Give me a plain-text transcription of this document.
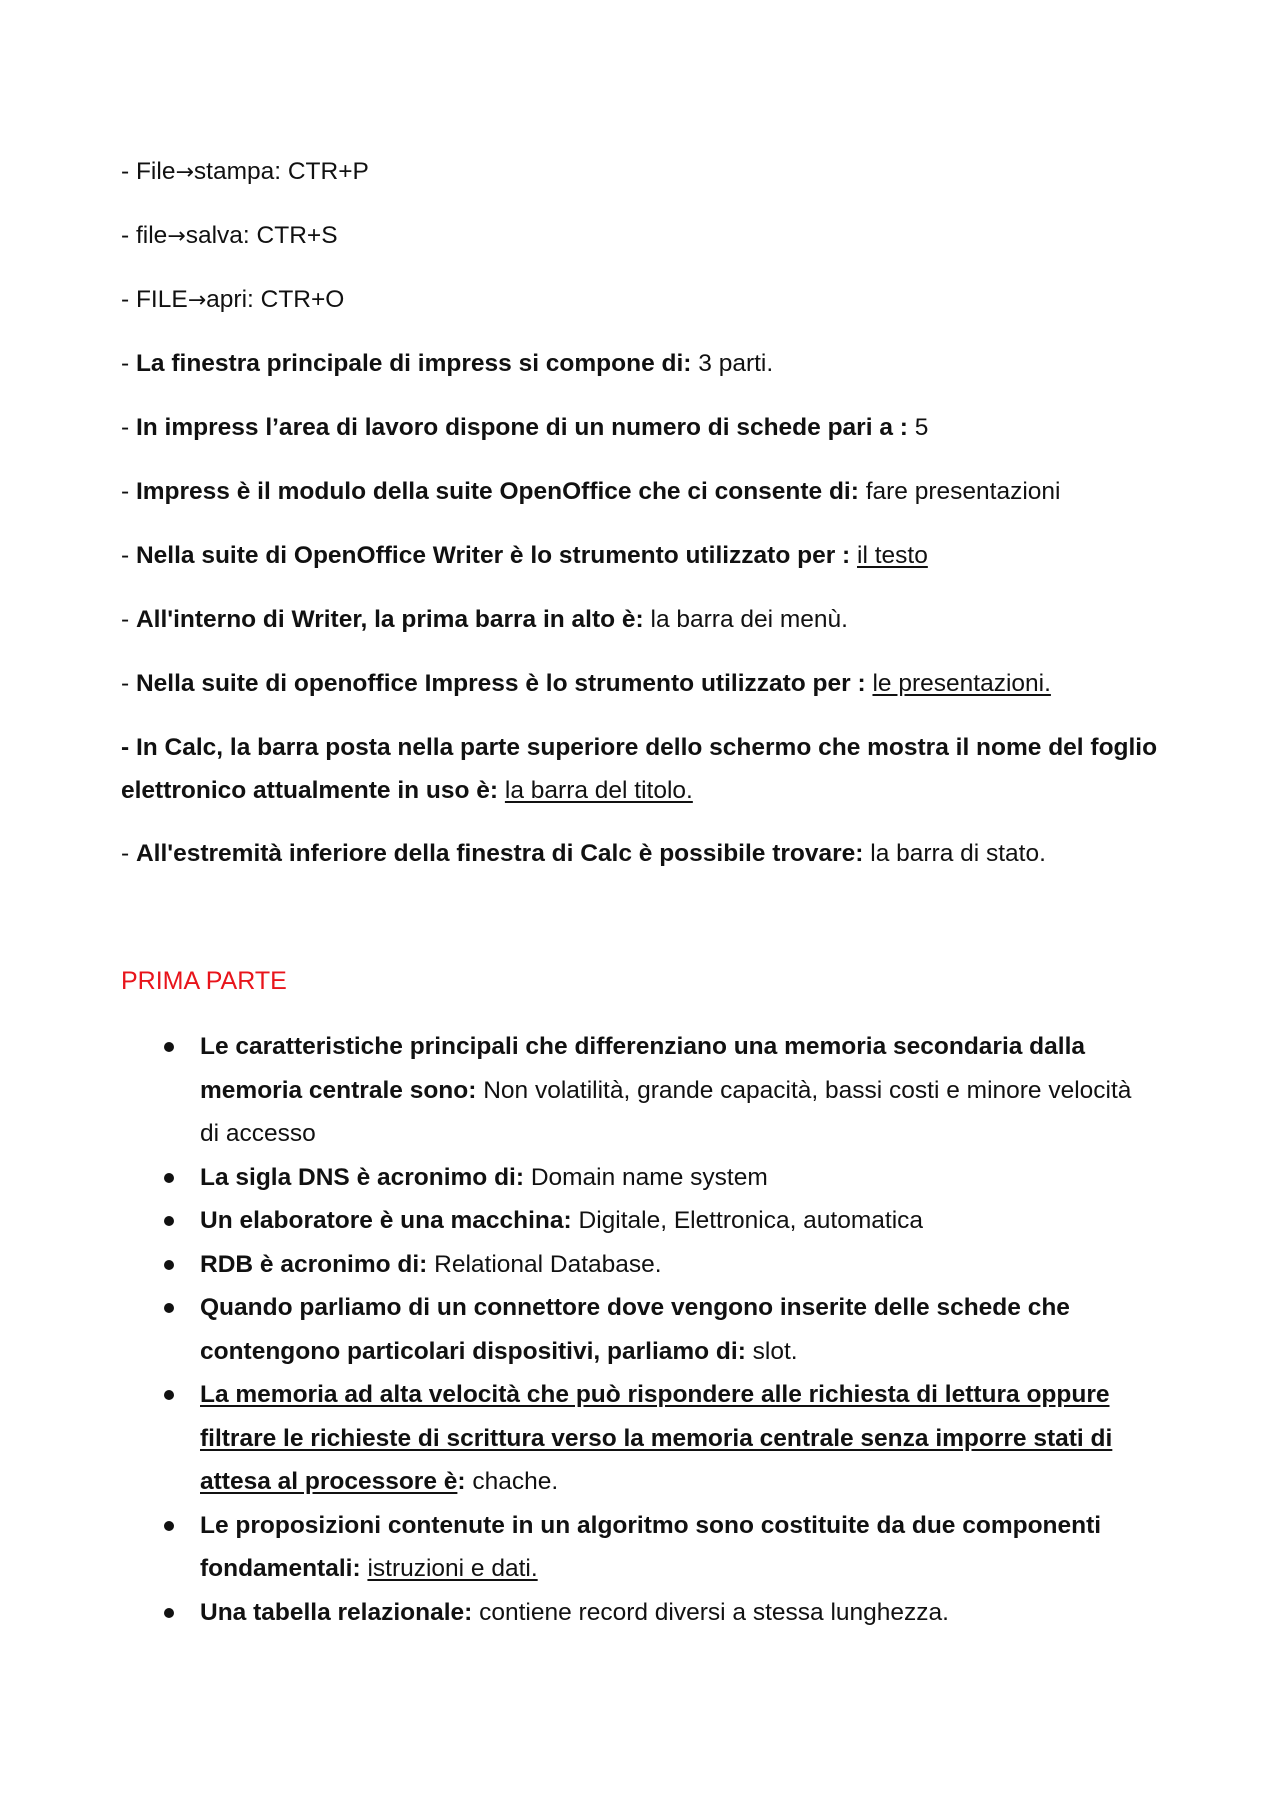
- File→stampa: CTR+P
- file→salva: CTR+S
- FILE→apri: CTR+O
- La finestra principale di impress si compone di: 3 parti.
- In impress l’area di lavoro dispone di un numero di schede pari a : 5
- Impress è il modulo della suite OpenOffice che ci consente di: fare presentazioni
- Nella suite di OpenOffice Writer è lo strumento utilizzato per : il testo
- All'interno di Writer, la prima barra in alto è: la barra dei menù.
- Nella suite di openoffice Impress è lo strumento utilizzato per : le presentazioni.
- In Calc, la barra posta nella parte superiore dello schermo che mostra il nome del foglio elettronico attualmente in uso è: la barra del titolo.
- All'estremità inferiore della finestra di Calc è possibile trovare: la barra di stato.
PRIMA PARTE
Le caratteristiche principali che differenziano una memoria secondaria dalla memoria centrale sono: Non volatilità, grande capacità, bassi costi e minore velocità di accesso
La sigla DNS è acronimo di: Domain name system
Un elaboratore è una macchina: Digitale, Elettronica, automatica
RDB è acronimo di: Relational Database.
Quando parliamo di un connettore dove vengono inserite delle schede che contengono particolari dispositivi, parliamo di: slot.
La memoria ad alta velocità che può rispondere alle richiesta di lettura oppure filtrare le richieste di scrittura verso la memoria centrale senza imporre stati di attesa al processore è: chache.
Le proposizioni contenute in un algoritmo sono costituite da due componenti fondamentali: istruzioni e dati.
Una tabella relazionale: contiene record diversi a stessa lunghezza.
